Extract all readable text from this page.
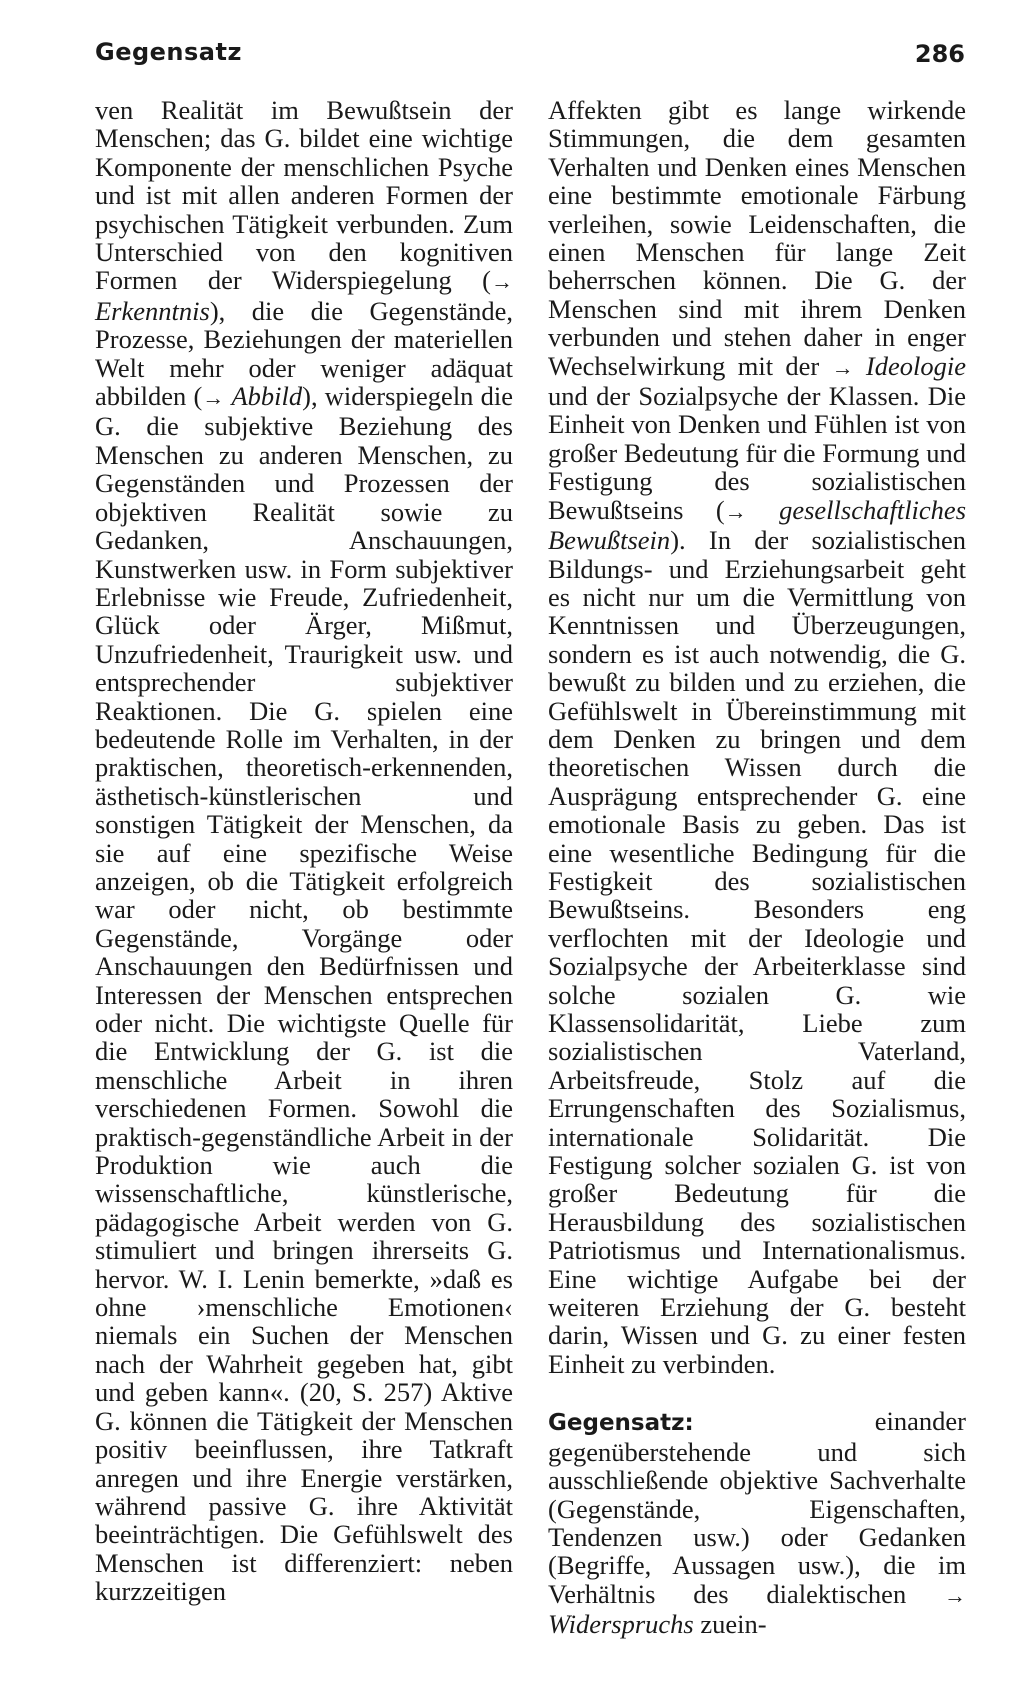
Gegensatz	286

ven Realität im Bewußtsein der Menschen; das G. bildet eine wichtige Komponente der menschlichen Psyche und ist mit allen anderen Formen der psychischen Tätigkeit verbunden. Zum Unterschied von den kognitiven Formen der Widerspiegelung (→ Erkenntnis), die die Gegenstände, Prozesse, Beziehungen der materiellen Welt mehr oder weniger adäquat abbilden (→ Abbild), widerspiegeln die G. die subjektive Beziehung des Menschen zu anderen Menschen, zu Gegenständen und Prozessen der objektiven Realität sowie zu Gedanken, Anschauungen, Kunstwerken usw. in Form subjektiver Erlebnisse wie Freude, Zufriedenheit, Glück oder Ärger, Mißmut, Unzufriedenheit, Traurigkeit usw. und entsprechender subjektiver Reaktionen. Die G. spielen eine bedeutende Rolle im Verhalten, in der praktischen, theoretisch-erkennenden, ästhetisch-künstlerischen und sonstigen Tätigkeit der Menschen, da sie auf eine spezifische Weise anzeigen, ob die Tätigkeit erfolgreich war oder nicht, ob bestimmte Gegenstände, Vorgänge oder Anschauungen den Bedürfnissen und Interessen der Menschen entsprechen oder nicht. Die wichtigste Quelle für die Entwicklung der G. ist die menschliche Arbeit in ihren verschiedenen Formen. Sowohl die praktisch-gegenständliche Arbeit in der Produktion wie auch die wissenschaftliche, künstlerische, pädagogische Arbeit werden von G. stimuliert und bringen ihrerseits G. hervor. W. I. Lenin bemerkte, »daß es ohne ›menschliche Emotionen‹ niemals ein Suchen der Menschen nach der Wahrheit gegeben hat, gibt und geben kann«. (20, S. 257) Aktive G. können die Tätigkeit der Menschen positiv beeinflussen, ihre Tatkraft anregen und ihre Energie verstärken, während passive G. ihre Aktivität beeinträchtigen. Die Gefühlswelt des Menschen ist differenziert: neben kurzzeitigen

Affekten gibt es lange wirkende Stimmungen, die dem gesamten Verhalten und Denken eines Menschen eine bestimmte emotionale Färbung verleihen, sowie Leidenschaften, die einen Menschen für lange Zeit beherrschen können. Die G. der Menschen sind mit ihrem Denken verbunden und stehen daher in enger Wechselwirkung mit der → Ideologie und der Sozialpsyche der Klassen. Die Einheit von Denken und Fühlen ist von großer Bedeutung für die Formung und Festigung des sozialistischen Bewußtseins (→ gesellschaftliches Bewußtsein). In der sozialistischen Bildungs- und Erziehungsarbeit geht es nicht nur um die Vermittlung von Kenntnissen und Überzeugungen, sondern es ist auch notwendig, die G. bewußt zu bilden und zu erziehen, die Gefühlswelt in Übereinstimmung mit dem Denken zu bringen und dem theoretischen Wissen durch die Ausprägung entsprechender G. eine emotionale Basis zu geben. Das ist eine wesentliche Bedingung für die Festigkeit des sozialistischen Bewußtseins. Besonders eng verflochten mit der Ideologie und Sozialpsyche der Arbeiterklasse sind solche sozialen G. wie Klassensolidarität, Liebe zum sozialistischen Vaterland, Arbeitsfreude, Stolz auf die Errungenschaften des Sozialismus, internationale Solidarität. Die Festigung solcher sozialen G. ist von großer Bedeutung für die Herausbildung des sozialistischen Patriotismus und Internationalismus. Eine wichtige Aufgabe bei der weiteren Erziehung der G. besteht darin, Wissen und G. zu einer festen Einheit zu verbinden.

Gegensatz: einander gegenüberstehende und sich ausschließende objektive Sachverhalte (Gegenstände, Eigenschaften, Tendenzen usw.) oder Gedanken (Begriffe, Aussagen usw.), die im Verhältnis des dialektischen → Widerspruchs zuein-
